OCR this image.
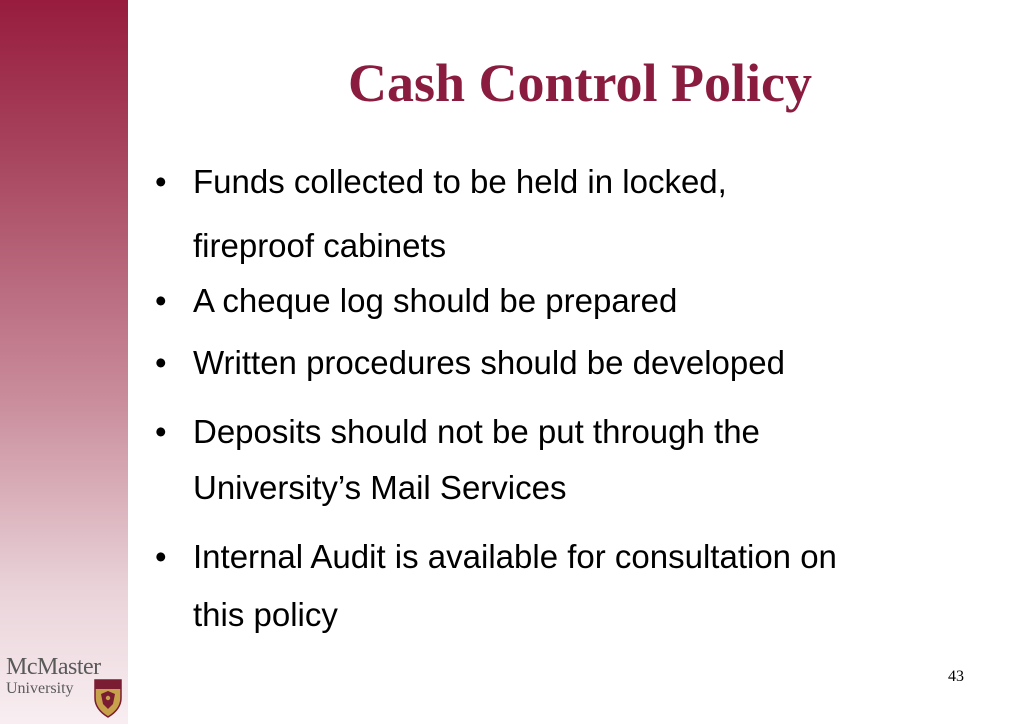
Cash Control Policy
• Funds collected to be held in locked,
fireproof cabinets
• A cheque log should be prepared
• Written procedures should be developed
• Deposits should not be put through the
University’s Mail Services
• Internal Audit is available for consultation on
this policy
McMaster
University
43
